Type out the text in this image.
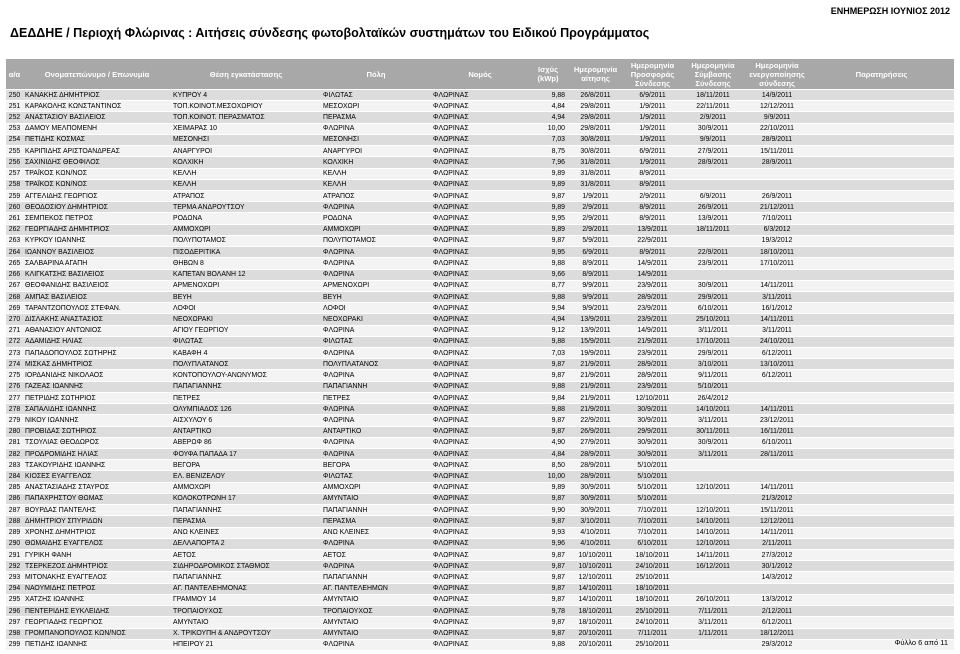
ΕΝΗΜΕΡΩΣΗ ΙΟΥΝΙΟΣ 2012
ΔΕΔΔΗΕ / Περιοχή Φλώρινας : Αιτήσεις σύνδεσης φωτοβολταϊκών συστημάτων του Ειδικού Προγράμματος
α/α	Ονοματεπώνυμο / Επωνυμία	Θέση εγκατάστασης	Πόλη	Νομός	Ισχύς (kWp)	Ημερομηνία αίτησης	Ημερομηνία Προσφοράς Σύνδεσης	Ημερομηνία Σύμβασης Σύνδεσης	Ημερομηνία ενεργοποίησης σύνδεσης	Παρατηρήσεις
250	ΚΑΝΑΚΗΣ ΔΗΜΗΤΡΙΟΣ	ΚΥΠΡΟΥ 4	ΦΙΛΩΤΑΣ	ΦΛΩΡΙΝΑΣ	9,88	26/8/2011	6/9/2011	18/11/2011	14/9/2011	
251	ΚΑΡΑΚΟΛΗΣ ΚΩΝΣΤΑΝΤΙΝΟΣ	ΤΟΠ.ΚΟΙΝΟΤ.ΜΕΣΟΧΩΡΙΟΥ	ΜΕΣΟΧΩΡΙ	ΦΛΩΡΙΝΑΣ	4,84	29/8/2011	1/9/2011	22/11/2011	12/12/2011	
252	ΑΝΑΣΤΑΣΙΟΥ ΒΑΣΙΛΕΙΟΣ	ΤΟΠ.ΚΟΙΝΟΤ. ΠΕΡΑΣΜΑΤΟΣ	ΠΕΡΑΣΜΑ	ΦΛΩΡΙΝΑΣ	4,94	29/8/2011	1/9/2011	2/9/2011	9/9/2011	
253	ΔΑΜΟΥ ΜΕΛΠΟΜΕΝΗ	ΧΕΙΜΑΡΑΣ 10	ΦΛΩΡΙΝΑ	ΦΛΩΡΙΝΑΣ	10,00	29/8/2011	1/9/2011	30/9/2011	22/10/2011	
254	ΠΕΤΙΔΗΣ ΚΟΣΜΑΣ	ΜΕΣΟΝΗΣΙ	ΜΕΣΟΝΗΣΙ	ΦΛΩΡΙΝΑΣ	7,03	30/8/2011	1/9/2011	9/9/2011	28/9/2011	
255	ΚΑΡΙΠΙΔΗΣ ΑΡΙΣΤΟΑΝΔΡΕΑΣ	ΑΝΑΡΓΥΡΟΙ	ΑΝΑΡΓΥΡΟΙ	ΦΛΩΡΙΝΑΣ	8,75	30/8/2011	6/9/2011	27/9/2011	15/11/2011	
256	ΣΑΧΙΝΙΔΗΣ ΘΕΟΦΙΛΟΣ	ΚΟΛΧΙΚΗ	ΚΟΛΧΙΚΗ	ΦΛΩΡΙΝΑΣ	7,96	31/8/2011	1/9/2011	28/9/2011	28/9/2011	
257	ΤΡΑΪΚΟΣ ΚΩΝ/ΝΟΣ	ΚΕΛΛΗ	ΚΕΛΛΗ	ΦΛΩΡΙΝΑΣ	9,89	31/8/2011	8/9/2011			
258	ΤΡΑΪΚΟΣ ΚΩΝ/ΝΟΣ	ΚΕΛΛΗ	ΚΕΛΛΗ	ΦΛΩΡΙΝΑΣ	9,89	31/8/2011	8/9/2011			
259	ΑΓΓΕΛΙΔΗΣ ΓΕΩΡΓΙΟΣ	ΑΤΡΑΠΟΣ	ΑΤΡΑΠΟΣ	ΦΛΩΡΙΝΑΣ	9,87	1/9/2011	2/9/2011	6/9/2011	26/9/2011	
260	ΘΕΟΔΟΣΙΟΥ ΔΗΜΗΤΡΙΟΣ	ΤΕΡΜΑ ΑΝΔΡΟΥΤΣΟΥ	ΦΛΩΡΙΝΑ	ΦΛΩΡΙΝΑΣ	9,89	2/9/2011	8/9/2011	26/9/2011	21/12/2011	
261	ΣΕΜΠΕΚΟΣ ΠΕΤΡΟΣ	ΡΟΔΩΝΑ	ΡΟΔΩΝΑ	ΦΛΩΡΙΝΑΣ	9,95	2/9/2011	8/9/2011	13/9/2011	7/10/2011	
262	ΓΕΩΡΓΙΑΔΗΣ ΔΗΜΗΤΡΙΟΣ	ΑΜΜΟΧΩΡΙ	ΑΜΜΟΧΩΡΙ	ΦΛΩΡΙΝΑΣ	9,89	2/9/2011	13/9/2011	18/11/2011	6/3/2012	
263	ΚΥΡΚΟΥ ΙΩΑΝΝΗΣ	ΠΟΛΥΠΟΤΑΜΟΣ	ΠΟΛΥΠΟΤΑΜΟΣ	ΦΛΩΡΙΝΑΣ	9,87	5/9/2011	22/9/2011		19/3/2012	
264	ΙΩΑΝΝΟΥ ΒΑΣΙΛΕΙΟΣ	ΠΙΣΟΔΕΡΙΤΙΚΑ	ΦΛΩΡΙΝΑ	ΦΛΩΡΙΝΑΣ	9,95	6/9/2011	8/9/2011	22/9/2011	18/10/2011	
265	ΣΑΛΒΑΡΙΝΑ ΑΓΑΠΗ	ΘΗΒΩΝ 8	ΦΛΩΡΙΝΑ	ΦΛΩΡΙΝΑΣ	9,88	8/9/2011	14/9/2011	23/9/2011	17/10/2011	
266	ΚΛΙΓΚΑΤΣΗΣ ΒΑΣΙΛΕΙΟΣ	ΚΑΠΕΤΑΝ ΒΟΛΑΝΗ 12	ΦΛΩΡΙΝΑ	ΦΛΩΡΙΝΑΣ	9,66	8/9/2011	14/9/2011			
267	ΘΕΟΦΑΝΙΔΗΣ ΒΑΣΙΛΕΙΟΣ	ΑΡΜΕΝΟΧΩΡΙ	ΑΡΜΕΝΟΧΩΡΙ	ΦΛΩΡΙΝΑΣ	8,77	9/9/2011	23/9/2011	30/9/2011	14/11/2011	
268	ΑΜΠΑΣ ΒΑΣΙΛΕΙΟΣ	ΒΕΥΗ	ΒΕΥΗ	ΦΛΩΡΙΝΑΣ	9,88	9/9/2011	28/9/2011	29/9/2011	3/11/2011	
269	ΤΑΡΑΝΤΖΟΠΟΥΛΟΣ ΣΤΕΦΑΝ.	ΛΟΦΟΙ	ΛΟΦΟΙ	ΦΛΩΡΙΝΑΣ	9,94	9/9/2011	23/9/2011	6/10/2011	16/1/2012	
270	ΔΙΣΛΑΚΗΣ ΑΝΑΣΤΑΣΙΟΣ	ΝΕΟΧΩΡΑΚΙ	ΝΕΟΧΩΡΑΚΙ	ΦΛΩΡΙΝΑΣ	4,94	13/9/2011	23/9/2011	25/10/2011	14/11/2011	
271	ΑΘΑΝΑΣΙΟΥ ΑΝΤΩΝΙΟΣ	ΑΓΙΟΥ ΓΕΩΡΓΙΟΥ	ΦΛΩΡΙΝΑ	ΦΛΩΡΙΝΑΣ	9,12	13/9/2011	14/9/2011	3/11/2011	3/11/2011	
272	ΑΔΑΜΙΔΗΣ ΗΛΙΑΣ	ΦΙΛΩΤΑΣ	ΦΙΛΩΤΑΣ	ΦΛΩΡΙΝΑΣ	9,88	15/9/2011	21/9/2011	17/10/2011	24/10/2011	
273	ΠΑΠΑΔΟΠΟΥΛΟΣ ΣΩΤΗΡΗΣ	ΚΑΒΑΦΗ 4	ΦΛΩΡΙΝΑ	ΦΛΩΡΙΝΑΣ	7,03	19/9/2011	23/9/2011	29/9/2011	6/12/2011	
274	ΜΙΣΚΑΣ ΔΗΜΗΤΡΙΟΣ	ΠΟΛΥΠΛΑΤΑΝΟΣ	ΠΟΛΥΠΛΑΤΑΝΟΣ	ΦΛΩΡΙΝΑΣ	9,87	21/9/2011	28/9/2011	3/10/2011	13/10/2011	
275	ΙΟΡΔΑΝΙΔΗΣ ΝΙΚΟΛΑΟΣ	ΚΟΝΤΟΠΟΥΛΟΥ-ΑΝΩΝΥΜΟΣ	ΦΛΩΡΙΝΑ	ΦΛΩΡΙΝΑΣ	9,87	21/9/2011	28/9/2011	9/11/2011	6/12/2011	
276	ΓΑΖΕΑΣ ΙΩΑΝΝΗΣ	ΠΑΠΑΓΙΑΝΝΗΣ	ΠΑΠΑΓΙΑΝΝΗ	ΦΛΩΡΙΝΑΣ	9,88	21/9/2011	23/9/2011	5/10/2011		
277	ΠΕΤΡΙΔΗΣ ΣΩΤΗΡΙΟΣ	ΠΕΤΡΕΣ	ΠΕΤΡΕΣ	ΦΛΩΡΙΝΑΣ	9,84	21/9/2011	12/10/2011	26/4/2012		
278	ΣΑΠΑΛΙΔΗΣ ΙΩΑΝΝΗΣ	ΟΛΥΜΠΙΑΔΟΣ 126	ΦΛΩΡΙΝΑ	ΦΛΩΡΙΝΑΣ	9,88	21/9/2011	30/9/2011	14/10/2011	14/11/2011	
279	ΝΙΚΟΥ ΙΩΑΝΝΗΣ	ΑΙΣΧΥΛΟΥ 6	ΦΛΩΡΙΝΑ	ΦΛΩΡΙΝΑΣ	9,87	22/9/2011	30/9/2011	3/11/2011	23/12/2011	
280	ΠΡΟΒΙΔΑΣ ΣΩΤΗΡΙΟΣ	ΑΝΤΑΡΤΙΚΟ	ΑΝΤΑΡΤΙΚΟ	ΦΛΩΡΙΝΑΣ	9,87	26/9/2011	29/9/2011	30/11/2011	16/11/2011	
281	ΤΣΟΥΛΙΑΣ ΘΕΟΔΩΡΟΣ	ΑΒΕΡΩΦ 86	ΦΛΩΡΙΝΑ	ΦΛΩΡΙΝΑΣ	4,90	27/9/2011	30/9/2011	30/9/2011	6/10/2011	
282	ΠΡΟΔΡΟΜΙΔΗΣ ΗΛΙΑΣ	ΦΟΥΦΑ ΠΑΠΑΔΑ 17	ΦΛΩΡΙΝΑ	ΦΛΩΡΙΝΑΣ	4,84	28/9/2011	30/9/2011	3/11/2011	28/11/2011	
283	ΤΣΑΚΟΥΡΙΔΗΣ ΙΩΑΝΝΗΣ	ΒΕΓΟΡΑ	ΒΕΓΟΡΑ	ΦΛΩΡΙΝΑΣ	8,50	28/9/2011	5/10/2011			
284	ΚΙΟΣΕΣ ΕΥΑΓΓΕΛΟΣ	ΕΛ. ΒΕΝΙΖΕΛΟΥ	ΦΙΛΩΤΑΣ	ΦΛΩΡΙΝΑΣ	10,00	28/9/2011	5/10/2011			
285	ΑΝΑΣΤΑΣΙΑΔΗΣ ΣΤΑΥΡΟΣ	ΑΜΜΟΧΩΡΙ	ΑΜΜΟΧΩΡΙ	ΦΛΩΡΙΝΑΣ	9,89	30/9/2011	5/10/2011	12/10/2011	14/11/2011	
286	ΠΑΠΑΧΡΗΣΤΟΥ ΘΩΜΑΣ	ΚΟΛΟΚΟΤΡΩΝΗ 17	ΑΜΥΝΤΑΙΟ	ΦΛΩΡΙΝΑΣ	9,87	30/9/2011	5/10/2011		21/3/2012	
287	ΒΟΥΡΔΑΣ ΠΑΝΤΕΛΗΣ	ΠΑΠΑΓΙΑΝΝΗΣ	ΠΑΠΑΓΙΑΝΝΗ	ΦΛΩΡΙΝΑΣ	9,90	30/9/2011	7/10/2011	12/10/2011	15/11/2011	
288	ΔΗΜΗΤΡΙΟΥ ΣΠΥΡΙΔΩΝ	ΠΕΡΑΣΜΑ	ΠΕΡΑΣΜΑ	ΦΛΩΡΙΝΑΣ	9,87	3/10/2011	7/10/2011	14/10/2011	12/12/2011	
289	ΧΡΟΝΗΣ ΔΗΜΗΤΡΙΟΣ	ΑΝΩ ΚΛΕΙΝΕΣ	ΑΝΩ ΚΛΕΙΝΕΣ	ΦΛΩΡΙΝΑΣ	9,93	4/10/2011	7/10/2011	14/10/2011	14/11/2011	
290	ΘΩΜΑΙΔΗΣ ΕΥΑΓΓΕΛΟΣ	ΔΕΛΛΑΠΟΡΤΑ 2	ΦΛΩΡΙΝΑ	ΦΛΩΡΙΝΑΣ	9,96	4/10/2011	6/10/2011	12/10/2011	2/11/2011	
291	ΓΥΡΙΚΗ ΦΑΝΗ	ΑΕΤΟΣ	ΑΕΤΟΣ	ΦΛΩΡΙΝΑΣ	9,87	10/10/2011	18/10/2011	14/11/2011	27/3/2012	
292	ΤΣΕΡΚΕΖΟΣ ΔΗΜΗΤΡΙΟΣ	ΣΙΔΗΡΟΔΡΟΜΙΚΟΣ ΣΤΑΘΜΟΣ	ΦΛΩΡΙΝΑ	ΦΛΩΡΙΝΑΣ	9,87	10/10/2011	24/10/2011	16/12/2011	30/1/2012	
293	ΜΙΤΟΝΑΚΗΣ ΕΥΑΓΓΕΛΟΣ	ΠΑΠΑΓΙΑΝΝΗΣ	ΠΑΠΑΓΙΑΝΝΗ	ΦΛΩΡΙΝΑΣ	9,87	12/10/2011	25/10/2011		14/3/2012	
294	ΝΑΟΥΜΙΔΗΣ ΠΕΤΡΟΣ	ΑΓ. ΠΑΝΤΕΛΕΗΜΟΝΑΣ	ΑΓ. ΠΑΝΤΕΛΕΗΜΩΝ	ΦΛΩΡΙΝΑΣ	9,87	14/10/2011	18/10/2011			
295	ΧΑΤΖΗΣ ΙΩΑΝΝΗΣ	ΓΡΑΜΜΟΥ 14	ΑΜΥΝΤΑΙΟ	ΦΛΩΡΙΝΑΣ	9,87	14/10/2011	18/10/2011	26/10/2011	13/3/2012	
296	ΠΕΝΤΕΡΙΔΗΣ ΕΥΚΛΕΙΔΗΣ	ΤΡΟΠΑΙΟΥΧΟΣ	ΤΡΟΠΑΙΟΥΧΟΣ	ΦΛΩΡΙΝΑΣ	9,78	18/10/2011	25/10/2011	7/11/2011	2/12/2011	
297	ΓΕΩΡΓΙΑΔΗΣ ΓΕΩΡΓΙΟΣ	ΑΜΥΝΤΑΙΟ	ΑΜΥΝΤΑΙΟ	ΦΛΩΡΙΝΑΣ	9,87	18/10/2011	24/10/2011	3/11/2011	6/12/2011	
298	ΓΡΟΜΠΑΝΟΠΟΥΛΟΣ ΚΩΝ/ΝΟΣ	Χ. ΤΡΙΚΟΥΠΗ & ΑΝΔΡΟΥΤΣΟΥ	ΑΜΥΝΤΑΙΟ	ΦΛΩΡΙΝΑΣ	9,87	20/10/2011	7/11/2011	1/11/2011	18/12/2011	
299	ΠΕΤΙΔΗΣ ΙΩΑΝΝΗΣ	ΗΠΕΙΡΟΥ 21	ΦΛΩΡΙΝΑ	ΦΛΩΡΙΝΑΣ	9,88	20/10/2011	25/10/2011		29/3/2012		Φύλλο 6 από 11
